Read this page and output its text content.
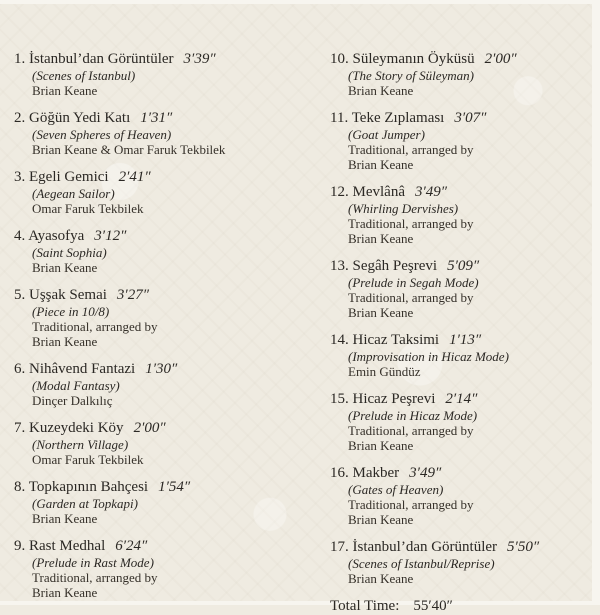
1. İstanbul’dan Görüntüler 3′39″
(Scenes of Istanbul)
Brian Keane
2. Göğün Yedi Katı 1′31″
(Seven Spheres of Heaven)
Brian Keane & Omar Faruk Tekbilek
3. Egeli Gemici 2′41″
(Aegean Sailor)
Omar Faruk Tekbilek
4. Ayasofya 3′12″
(Saint Sophia)
Brian Keane
5. Uşşak Semai 3′27″
(Piece in 10/8)
Traditional, arranged by
Brian Keane
6. Nihâvend Fantazi 1′30″
(Modal Fantasy)
Dinçer Dalkılıç
7. Kuzeydeki Köy 2′00″
(Northern Village)
Omar Faruk Tekbilek
8. Topkapının Bahçesi 1′54″
(Garden at Topkapi)
Brian Keane
9. Rast Medhal 6′24″
(Prelude in Rast Mode)
Traditional, arranged by
Brian Keane
10. Süleymanın Öyküsü 2′00″
(The Story of Süleyman)
Brian Keane
11. Teke Zıplaması 3′07″
(Goat Jumper)
Traditional, arranged by
Brian Keane
12. Mevlânâ 3′49″
(Whirling Dervishes)
Traditional, arranged by
Brian Keane
13. Segâh Peşrevi 5′09″
(Prelude in Segah Mode)
Traditional, arranged by
Brian Keane
14. Hicaz Taksimi 1′13″
(Improvisation in Hicaz Mode)
Emin Gündüz
15. Hicaz Peşrevi 2′14″
(Prelude in Hicaz Mode)
Traditional, arranged by
Brian Keane
16. Makber 3′49″
(Gates of Heaven)
Traditional, arranged by
Brian Keane
17. İstanbul’dan Görüntüler 5′50″
(Scenes of Istanbul/Reprise)
Brian Keane
Total Time: 55′40″
